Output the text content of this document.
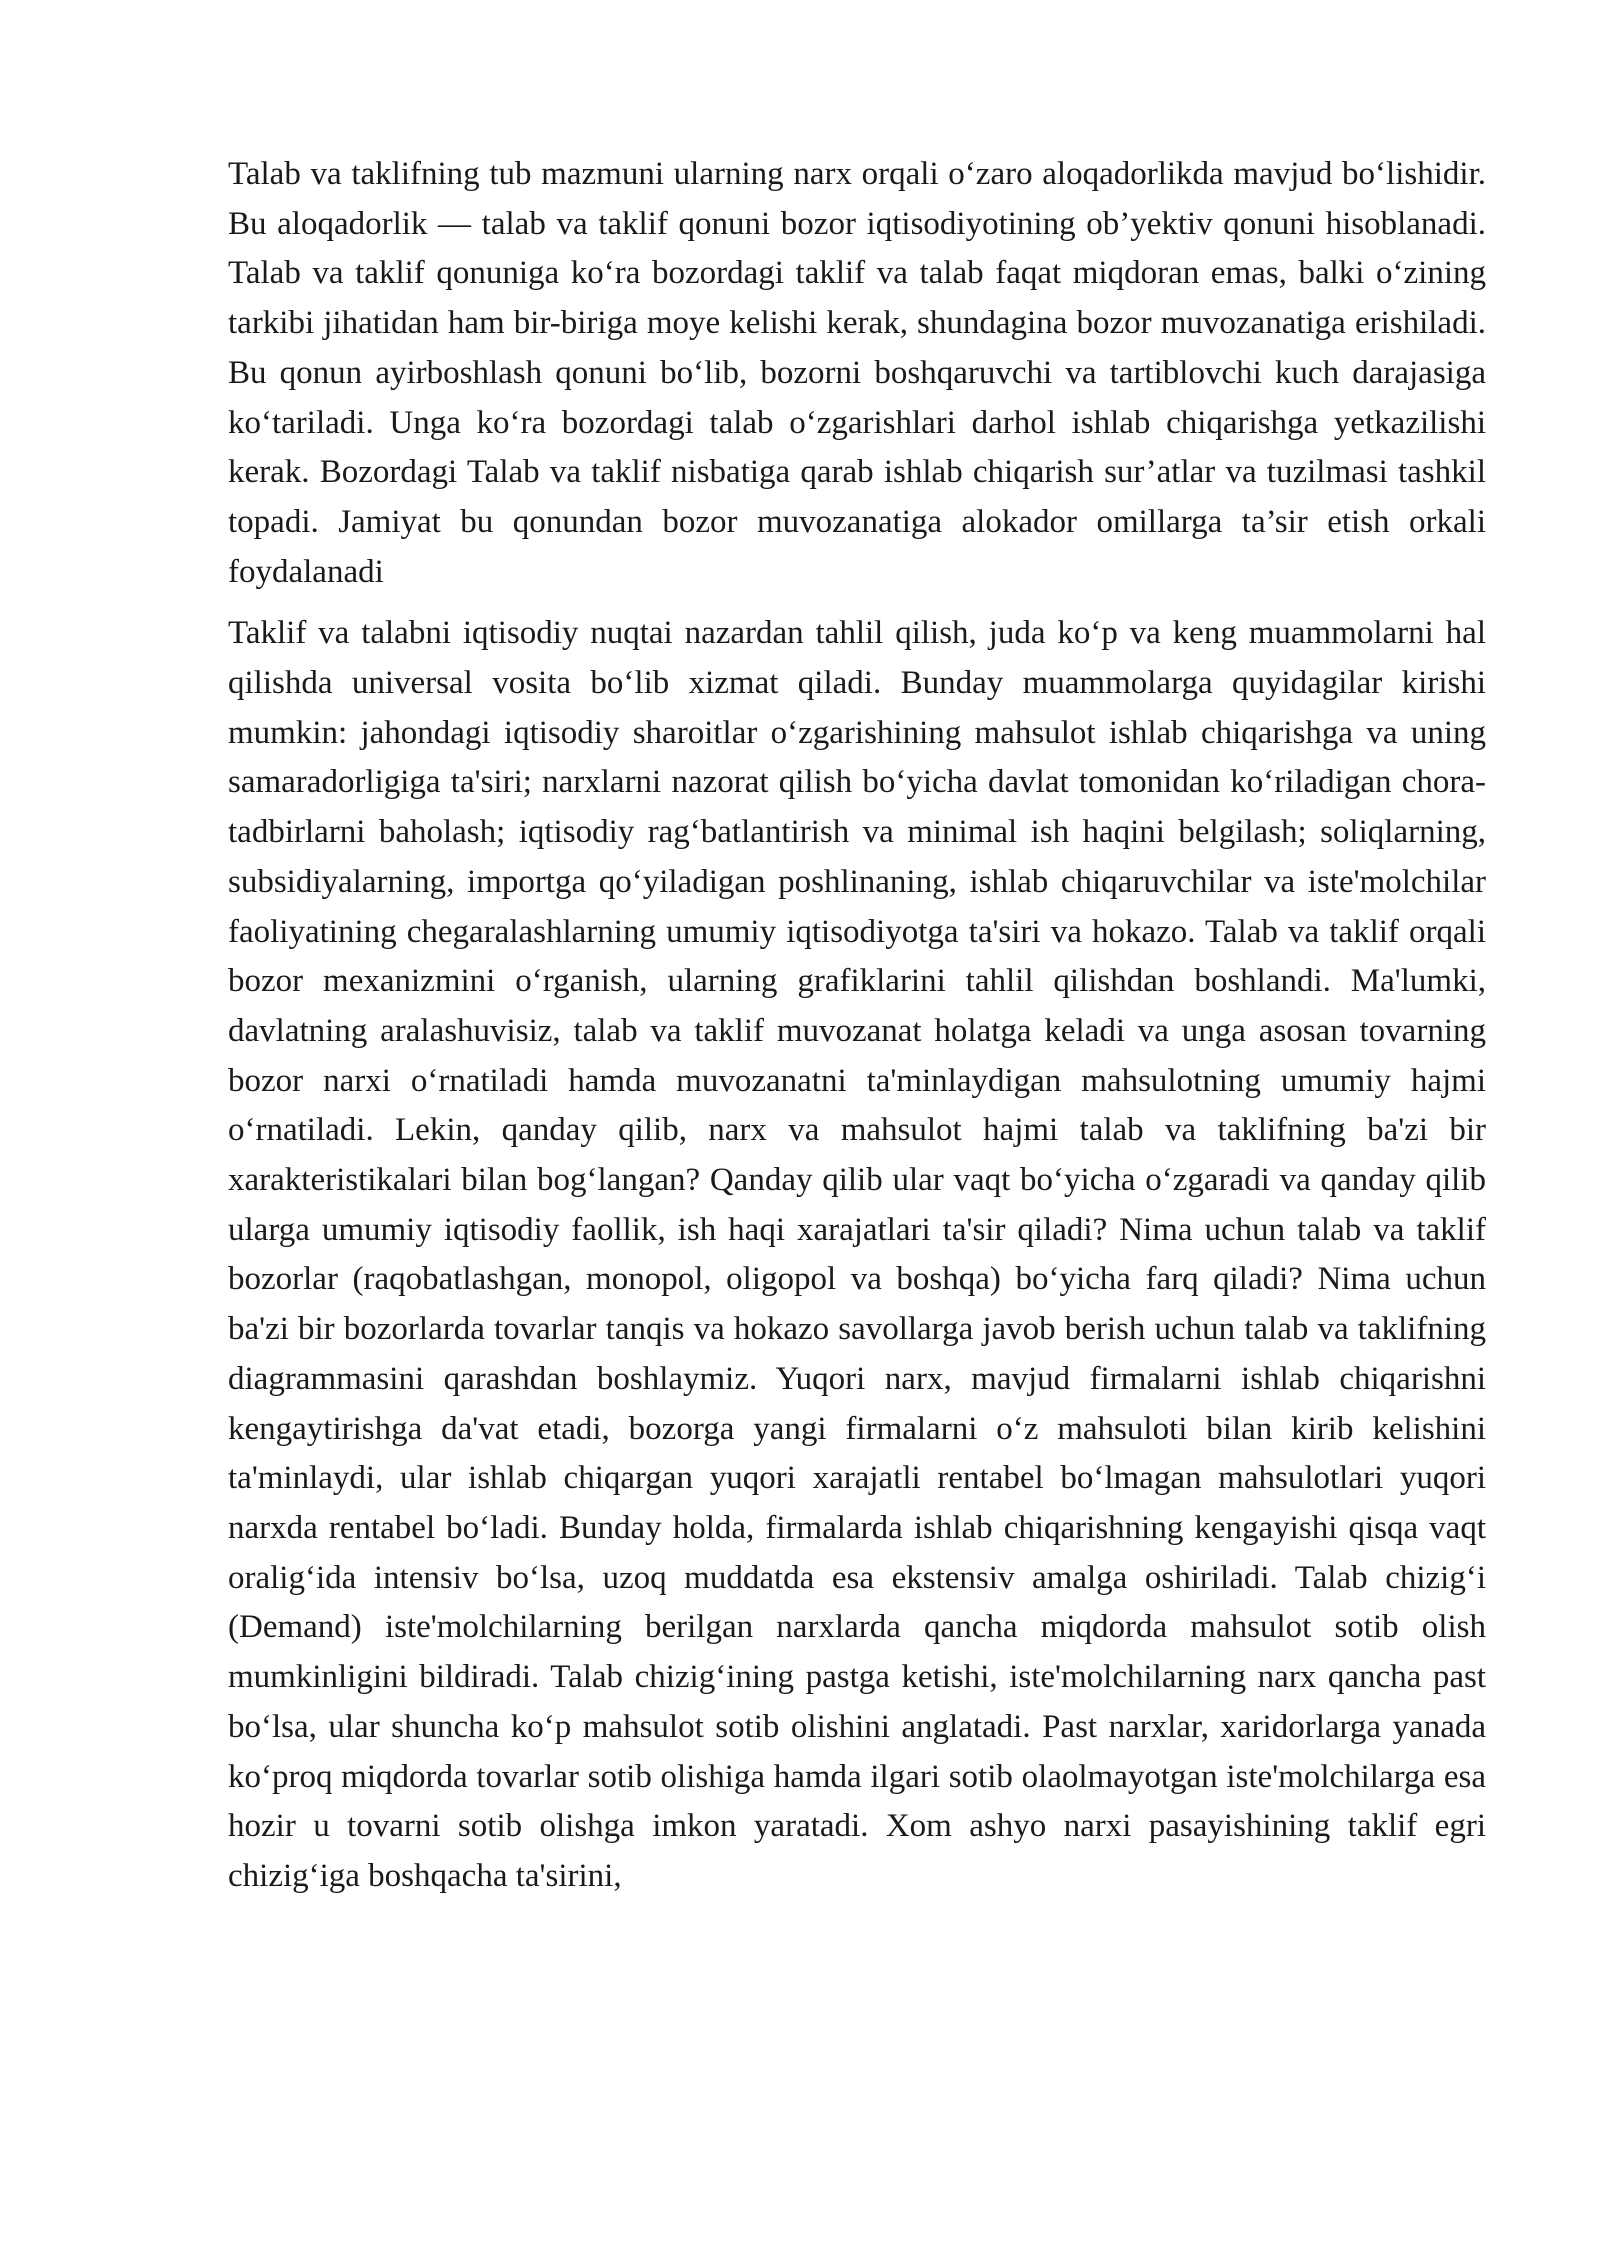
Talab va taklifning tub mazmuni ularning narx orqali o‘zaro aloqadorlikda mavjud bo‘lishidir. Bu aloqadorlik — talab va taklif qonuni bozor iqtisodiyotining ob’yektiv qonuni hisoblanadi. Talab va taklif qonuniga ko‘ra bozordagi taklif va talab faqat miqdoran emas, balki o‘zining tarkibi jihatidan ham bir-biriga moye kelishi kerak, shundagina bozor muvozanatiga erishiladi. Bu qonun ayirboshlash qonuni bo‘lib, bozorni boshqaruvchi va tartiblovchi kuch darajasiga ko‘tariladi. Unga ko‘ra bozordagi talab o‘zgarishlari darhol ishlab chiqarishga yetkazilishi kerak. Bozordagi Talab va taklif nisbatiga qarab ishlab chiqarish sur’atlar va tuzilmasi tashkil topadi. Jamiyat bu qonundan bozor muvozanatiga alokador omillarga ta’sir etish orkali foydalanadi

Taklif va talabni iqtisodiy nuqtai nazardan tahlil qilish, juda ko‘p va keng muammolarni hal qilishda universal vosita bo‘lib xizmat qiladi. Bunday muammolarga quyidagilar kirishi mumkin: jahondagi iqtisodiy sharoitlar o‘zgarishining mahsulot ishlab chiqarishga va uning samaradorligiga ta'siri; narxlarni nazorat qilish bo‘yicha davlat tomonidan ko‘riladigan chora-tadbirlarni baholash; iqtisodiy rag‘batlantirish va minimal ish haqini belgilash; soliqlarning, subsidiyalarning, importga qo‘yiladigan poshlinaning, ishlab chiqaruvchilar va iste'molchilar faoliyatining chegaralashlarning umumiy iqtisodiyotga ta'siri va hokazo. Talab va taklif orqali bozor mexanizmini o‘rganish, ularning grafiklarini tahlil qilishdan boshlandi. Ma'lumki, davlatning aralashuvisiz, talab va taklif muvozanat holatga keladi va unga asosan tovarning bozor narxi o‘rnatiladi hamda muvozanatni ta'minlaydigan mahsulotning umumiy hajmi o‘rnatiladi. Lekin, qanday qilib, narx va mahsulot hajmi talab va taklifning ba'zi bir xarakteristikalari bilan bog‘langan? Qanday qilib ular vaqt bo‘yicha o‘zgaradi va qanday qilib ularga umumiy iqtisodiy faollik, ish haqi xarajatlari ta'sir qiladi? Nima uchun talab va taklif bozorlar (raqobatlashgan, monopol, oligopol va boshqa) bo‘yicha farq qiladi? Nima uchun ba'zi bir bozorlarda tovarlar tanqis va hokazo savollarga javob berish uchun talab va taklifning diagrammasini qarashdan boshlaymiz. Yuqori narx, mavjud firmalarni ishlab chiqarishni kengaytirishga da'vat etadi, bozorga yangi firmalarni o‘z mahsuloti bilan kirib kelishini ta'minlaydi, ular ishlab chiqargan yuqori xarajatli rentabel bo‘lmagan mahsulotlari yuqori narxda rentabel bo‘ladi. Bunday holda, firmalarda ishlab chiqarishning kengayishi qisqa vaqt oralig‘ida intensiv bo‘lsa, uzoq muddatda esa ekstensiv amalga oshiriladi. Talab chizig‘i (Demand) iste'molchilarning berilgan narxlarda qancha miqdorda mahsulot sotib olish mumkinligini bildiradi. Talab chizig‘ining pastga ketishi, iste'molchilarning narx qancha past bo‘lsa, ular shuncha ko‘p mahsulot sotib olishini anglatadi. Past narxlar, xaridorlarga yanada ko‘proq miqdorda tovarlar sotib olishiga hamda ilgari sotib olaolmayotgan iste'molchilarga esa hozir u tovarni sotib olishga imkon yaratadi. Xom ashyo narxi pasayishining taklif egri chizig‘iga boshqacha ta'sirini,
